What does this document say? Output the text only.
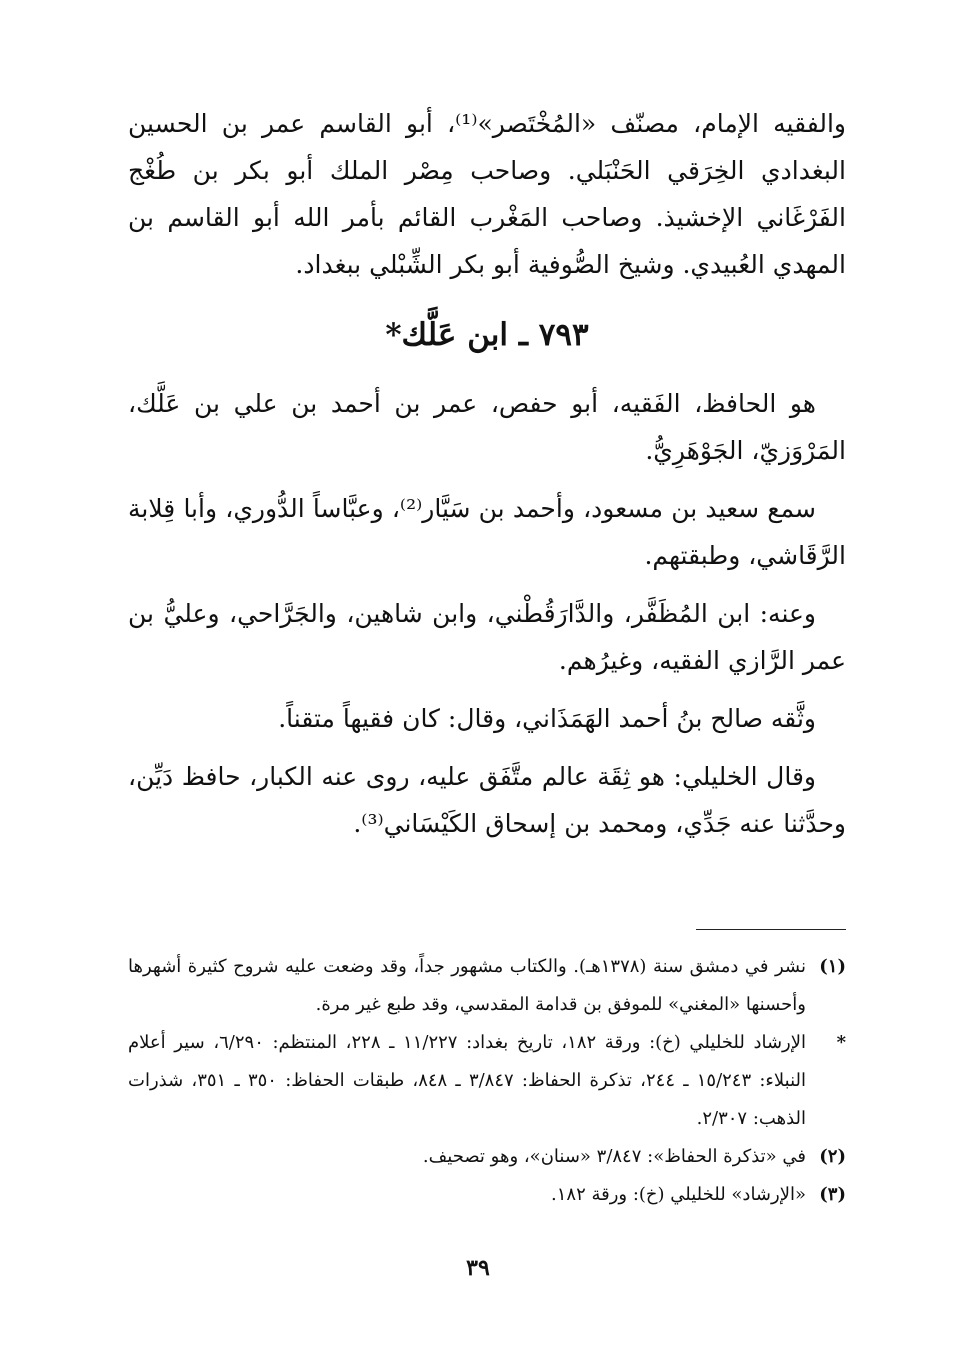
والفقيه الإمام، مصنّف «المُخْتَصر»⁽¹⁾، أبو القاسم عمر بن الحسين البغدادي الخِرَقي الحَنْبَلي. وصاحب مِصْر الملك أبو بكر بن طُغْج الفَرْغَاني الإخشيذ. وصاحب المَغْرب القائم بأمر الله أبو القاسم بن المهدي العُبيدي. وشيخ الصُّوفية أبو بكر الشِّبْلي ببغداد.

٧٩٣ ـ ابن عَلَّك*

هو الحافظ، الفَقيه، أبو حفص، عمر بن أحمد بن علي بن عَلَّك، المَرْوَزيّ، الجَوْهَرِيُّ.

سمع سعيد بن مسعود، وأحمد بن سَيَّار⁽²⁾، وعبَّاساً الدُّوري، وأبا قِلابة الرَّقَاشي، وطبقتهم.

وعنه: ابن المُظَفَّر، والدَّارَقُطْني، وابن شاهين، والجَرَّاحي، وعليُّ بن عمر الرَّازي الفقيه، وغيرُهم.

وثَّقه صالح بنُ أحمد الهَمَذَاني، وقال: كان فقيهاً متقناً.

وقال الخليلي: هو ثِقَة عالم متَّفَق عليه، روى عنه الكبار، حافظ دَيِّن، وحدَّثنا عنه جَدِّي، ومحمد بن إسحاق الكَيْسَاني⁽³⁾.

(١)
نشر في دمشق سنة (١٣٧٨هـ). والكتاب مشهور جداً، وقد وضعت عليه شروح كثيرة أشهرها وأحسنها «المغني» للموفق بن قدامة المقدسي، وقد طبع غير مرة.
*
الإرشاد للخليلي (خ): ورقة ١٨٢، تاريخ بغداد: ١١/٢٢٧ ـ ٢٢٨، المنتظم: ٦/٢٩٠، سير أعلام النبلاء: ١٥/٢٤٣ ـ ٢٤٤، تذكرة الحفاظ: ٣/٨٤٧ ـ ٨٤٨، طبقات الحفاظ: ٣٥٠ ـ ٣٥١، شذرات الذهب: ٢/٣٠٧.
(٢)
في «تذكرة الحفاظ»: ٣/٨٤٧ «سنان»، وهو تصحيف.
(٣)
«الإرشاد» للخليلي (خ): ورقة ١٨٢.
٣٩
